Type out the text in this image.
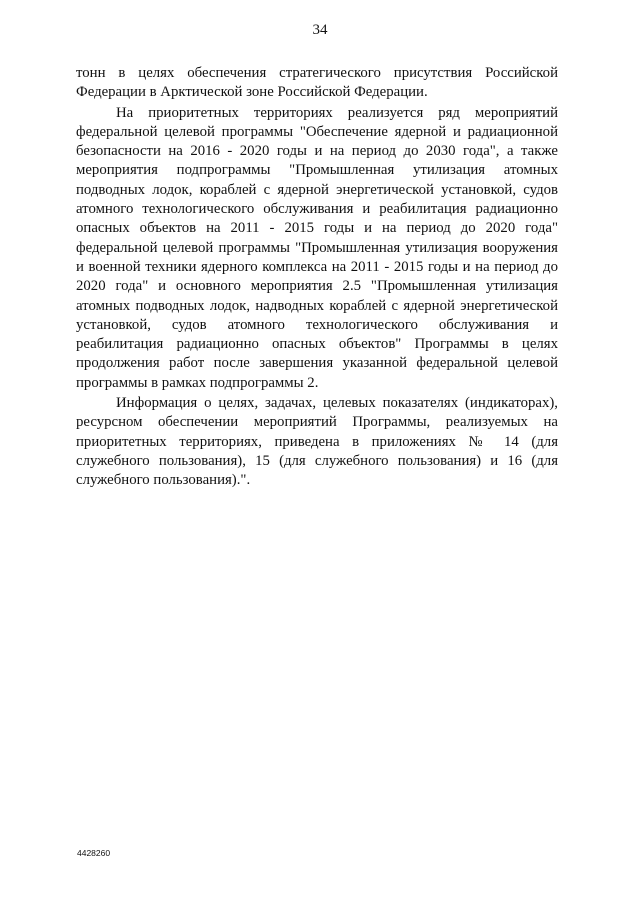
34

тонн в целях обеспечения стратегического присутствия Российской Федерации в Арктической зоне Российской Федерации.

На приоритетных территориях реализуется ряд мероприятий федеральной целевой программы "Обеспечение ядерной и радиационной безопасности на 2016 - 2020 годы и на период до 2030 года", а также мероприятия подпрограммы "Промышленная утилизация атомных подводных лодок, кораблей с ядерной энергетической установкой, судов атомного технологического обслуживания и реабилитация радиационно опасных объектов на 2011 - 2015 годы и на период до 2020 года" федеральной целевой программы "Промышленная утилизация вооружения и военной техники ядерного комплекса на 2011 - 2015 годы и на период до 2020 года" и основного мероприятия 2.5 "Промышленная утилизация атомных подводных лодок, надводных кораблей с ядерной энергетической установкой, судов атомного технологического обслуживания и реабилитация радиационно опасных объектов" Программы в целях продолжения работ после завершения указанной федеральной целевой программы в рамках подпрограммы 2.

Информация о целях, задачах, целевых показателях (индикаторах), ресурсном обеспечении мероприятий Программы, реализуемых на приоритетных территориях, приведена в приложениях № 14 (для служебного пользования), 15 (для служебного пользования) и 16 (для служебного пользования).".

4428260
